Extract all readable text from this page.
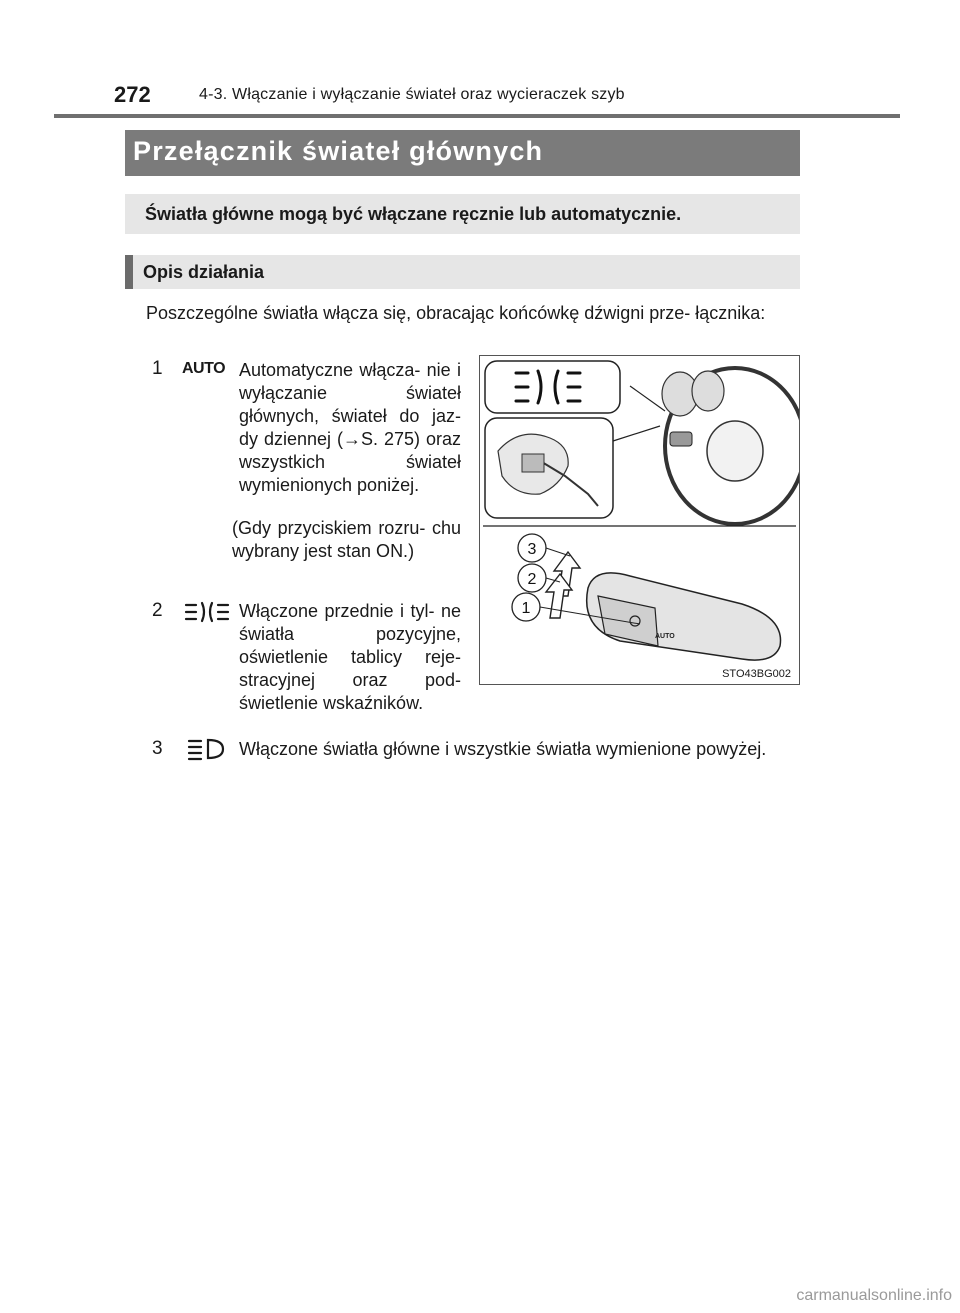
272	4-3. Włączanie i wyłączanie świateł oraz wycieraczek szyb
Przełącznik świateł głównych
Światła główne mogą być włączane ręcznie lub automatycznie.
Opis działania
Poszczególne światła włącza się, obracając końcówkę dźwigni prze- łącznika:
1 AUTO Automatyczne włącza- nie i wyłączanie świateł głównych, świateł do jaz- dy dziennej (→S. 275) oraz wszystkich świateł wymienionych poniżej.
(Gdy przyciskiem rozru- chu wybrany jest stan ON.)
2	Włączone przednie i tyl- ne światła pozycyjne, oświetlenie tablicy reje- stracyjnej oraz pod- świetlenie wskaźników.
3	Włączone światła główne i wszystkie światła wymienione powyżej.
AUTO
3
2
1
STO43BG002
carmanualsonline.info
